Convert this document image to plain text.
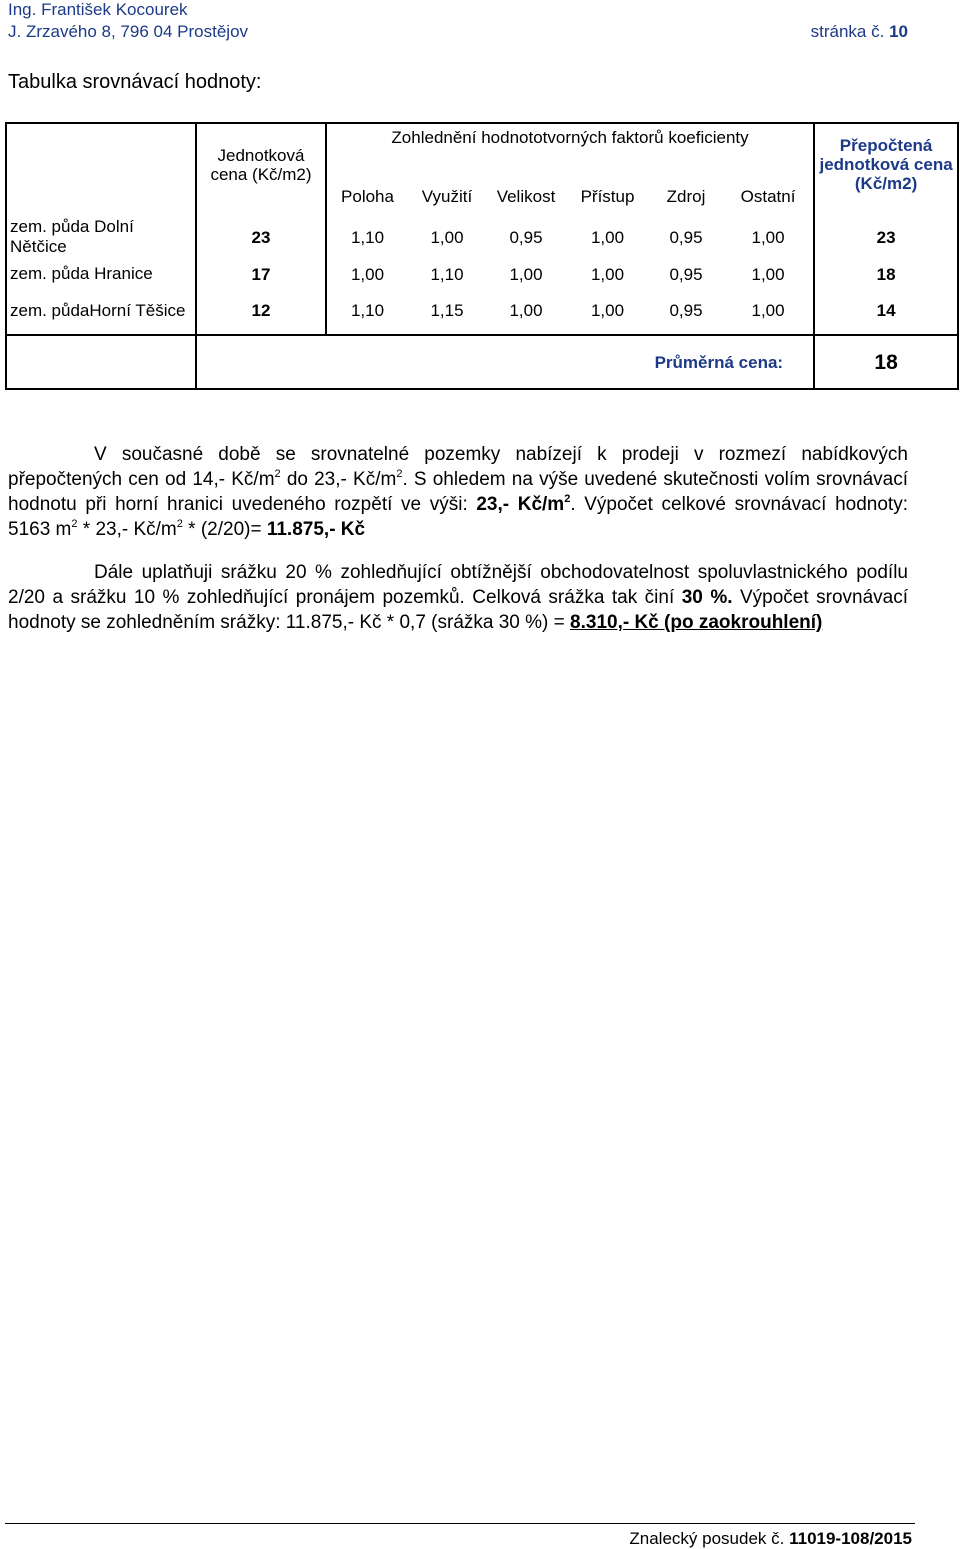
Ing. František Kocourek
J. Zrzavého 8, 796 04 Prostějov	stránka č. 10
Tabulka srovnávací hodnoty:
	Jednotková cena (Kč/m2)	Zohlednění hodnototvorných faktorů koeficienty						Přepočtená jednotková cena (Kč/m2)
		Poloha	Využití	Velikost	Přístup	Zdroj	Ostatní	
zem. půda Dolní Nětčice	23	1,10	1,00	0,95	1,00	0,95	1,00	23
zem. půda Hranice	17	1,00	1,10	1,00	1,00	0,95	1,00	18
zem. půdaHorní Těšice	12	1,10	1,15	1,00	1,00	0,95	1,00	14
	Průměrná cena:							18
V současné době se srovnatelné pozemky nabízejí k prodeji v rozmezí nabídkových přepočtených cen od 14,- $Kč/m^2$ do 23,- $Kč/m^2$. S ohledem na výše uvedené skutečnosti volím srovnávací hodnotu při horní hranici uvedeného rozpětí ve výši: 23,- $Kč/m^2$. Výpočet celkové srovnávací hodnoty: 5163 $m^2 * 23,-$ $Kč/m^2 * (2/20)= 11.875,-$ Kč
Dále uplatňuji srážku 20 % zohledňující obtížnější obchodovatelnost spoluvlastnického podílu 2/20 a srážku 10 % zohledňující pronájem pozemků. Celková srážka tak činí 30 %. Výpočet srovnávací hodnoty se zohledněním srážky: 11.875,- Kč * 0,7 (srážka 30 %) = 8.310,- Kč (po zaokrouhlení)
Znalecký posudek č. 11019-108/2015
